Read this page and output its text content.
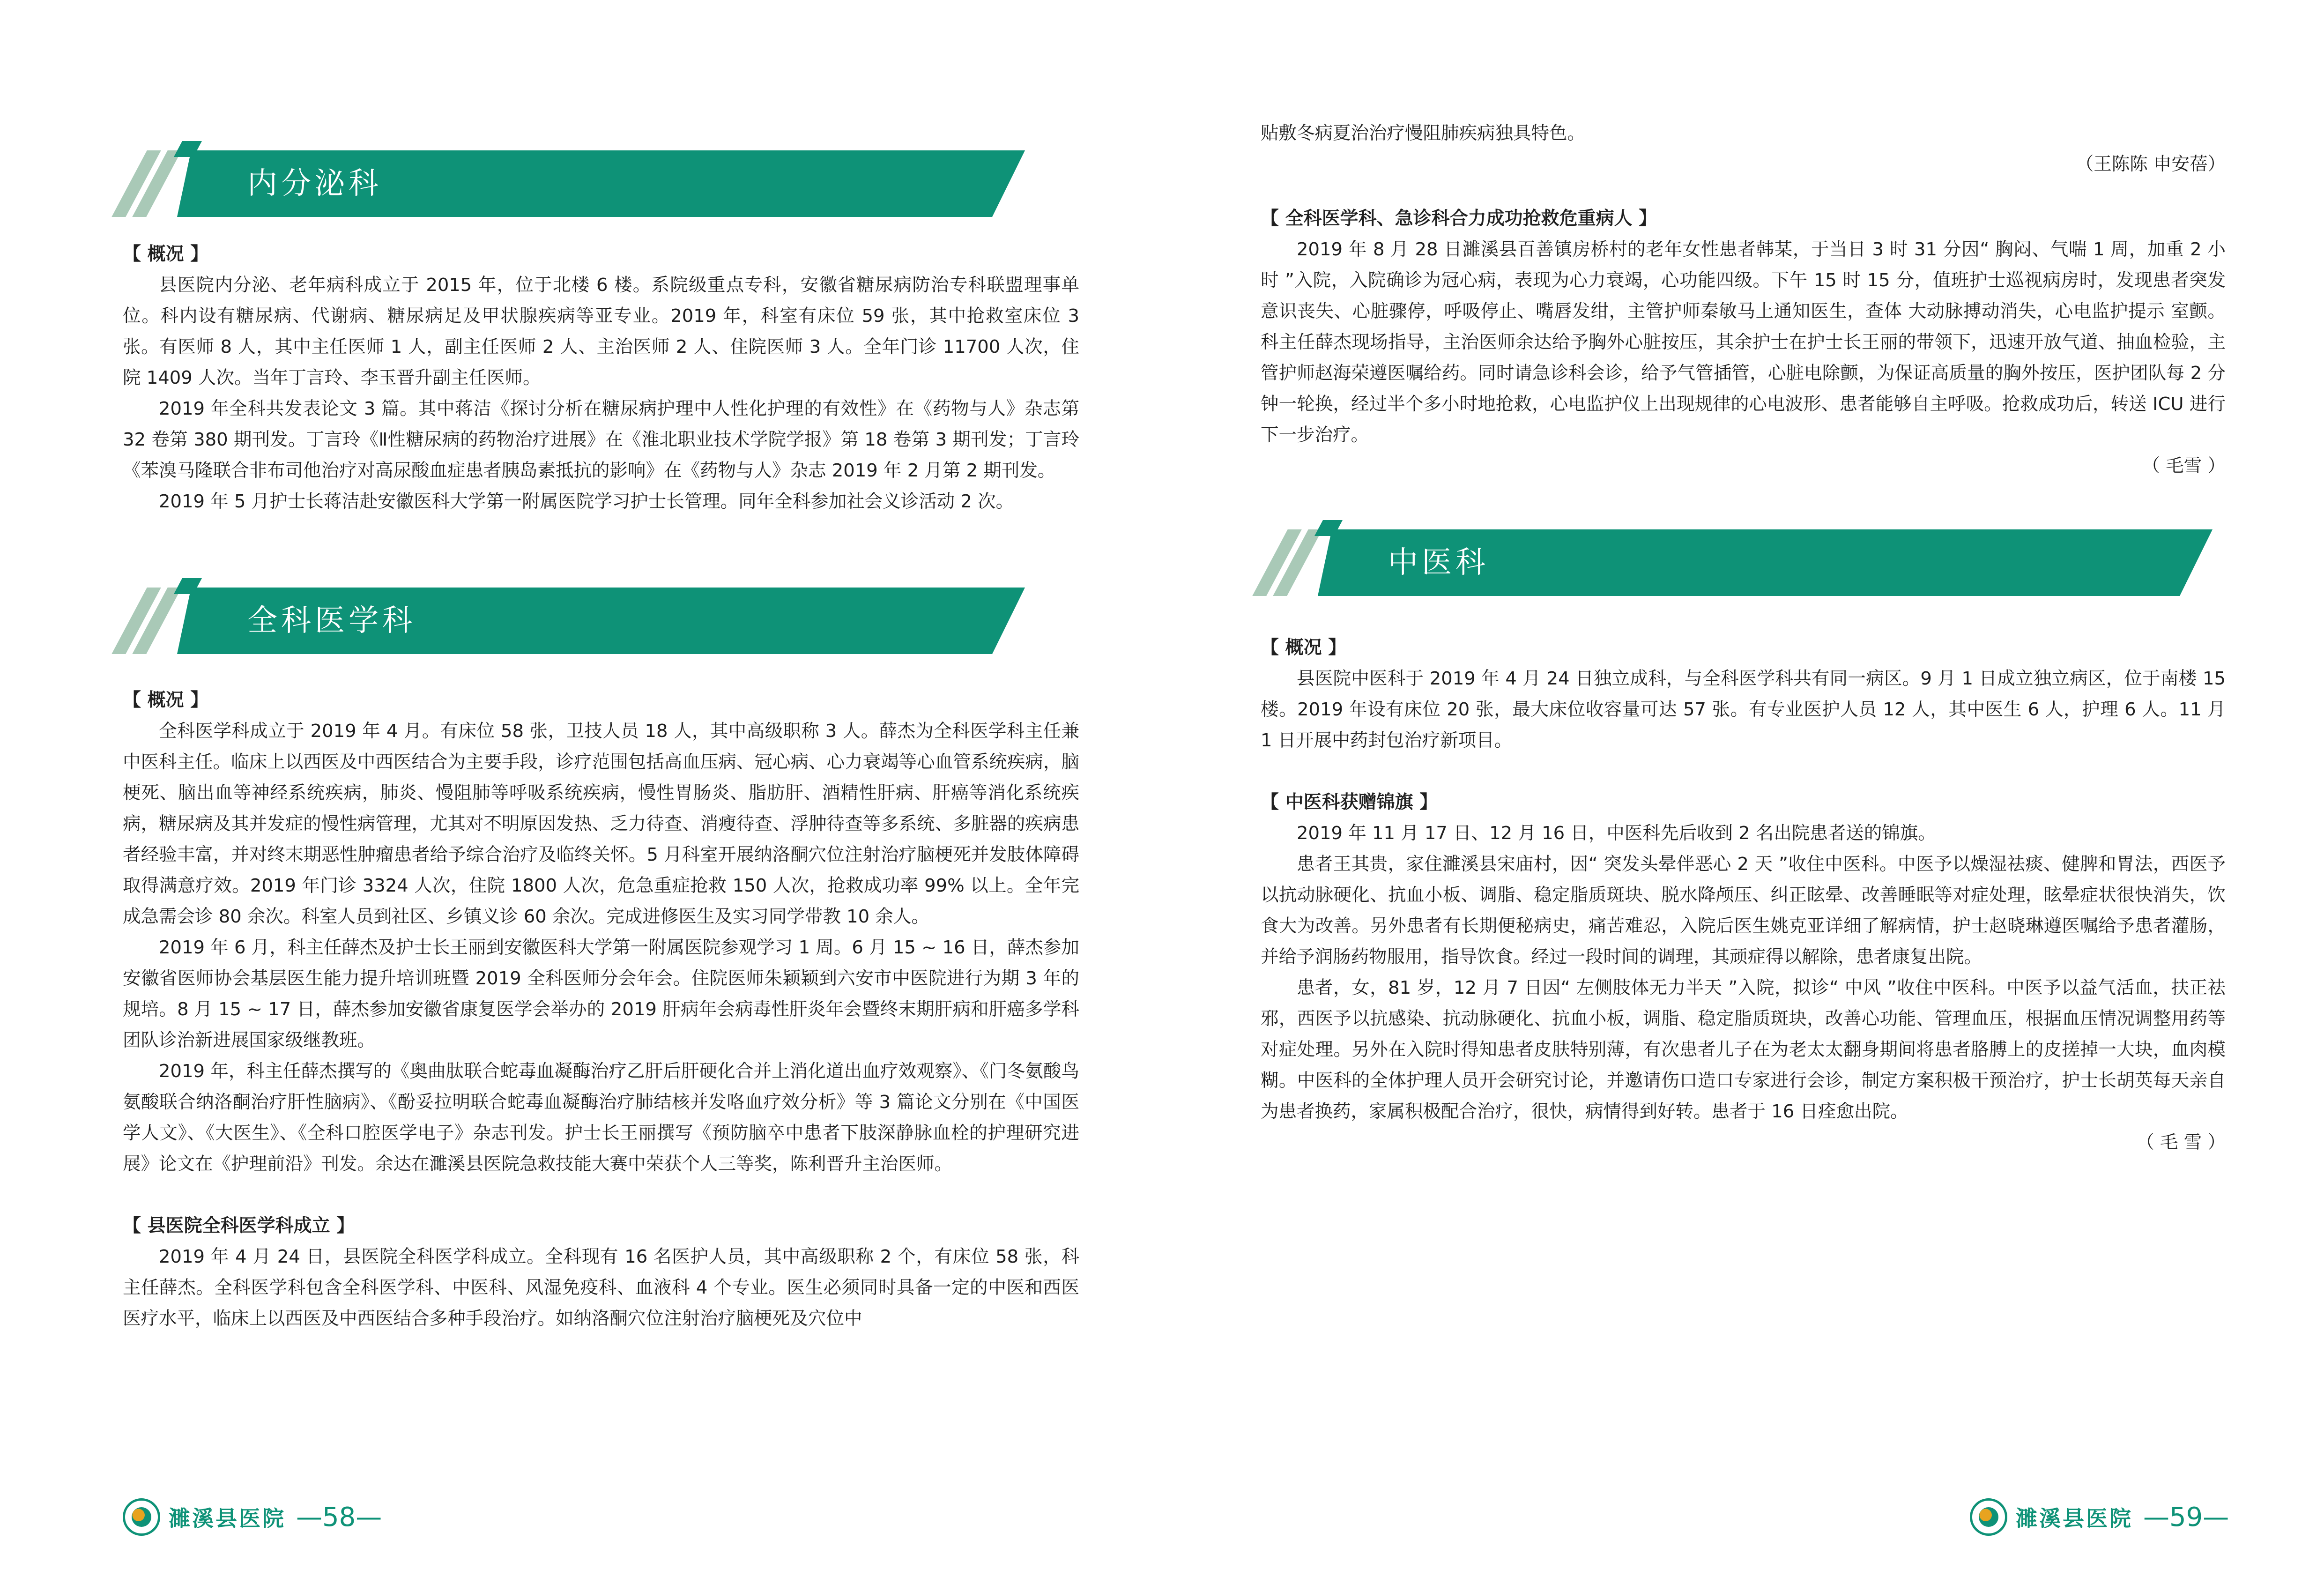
内分泌科

【 概况 】

县医院内分泌、老年病科成立于 2015 年，位于北楼 6 楼。系院级重点专科，安徽省糖尿病防治专科联盟理事单位。科内设有糖尿病、代谢病、糖尿病足及甲状腺疾病等亚专业。2019 年，科室有床位 59 张，其中抢救室床位 3 张。有医师 8 人，其中主任医师 1 人，副主任医师 2 人、主治医师 2 人、住院医师 3 人。全年门诊 11700 人次，住院 1409 人次。当年丁言玲、李玉晋升副主任医师。

2019 年全科共发表论文 3 篇。其中蒋洁《探讨分析在糖尿病护理中人性化护理的有效性》在《药物与人》杂志第 32 卷第 380 期刊发。丁言玲《Ⅱ性糖尿病的药物治疗进展》在《淮北职业技术学院学报》第 18 卷第 3 期刊发；丁言玲《苯溴马隆联合非布司他治疗对高尿酸血症患者胰岛素抵抗的影响》在《药物与人》杂志 2019 年 2 月第 2 期刊发。

2019 年 5 月护士长蒋洁赴安徽医科大学第一附属医院学习护士长管理。同年全科参加社会义诊活动 2 次。

全科医学科

【 概况 】

全科医学科成立于 2019 年 4 月。有床位 58 张，卫技人员 18 人，其中高级职称 3 人。薛杰为全科医学科主任兼中医科主任。临床上以西医及中西医结合为主要手段，诊疗范围包括高血压病、冠心病、心力衰竭等心血管系统疾病，脑梗死、脑出血等神经系统疾病，肺炎、慢阻肺等呼吸系统疾病，慢性胃肠炎、脂肪肝、酒精性肝病、肝癌等消化系统疾病，糖尿病及其并发症的慢性病管理，尤其对不明原因发热、乏力待查、消瘦待查、浮肿待查等多系统、多脏器的疾病患者经验丰富，并对终末期恶性肿瘤患者给予综合治疗及临终关怀。5 月科室开展纳洛酮穴位注射治疗脑梗死并发肢体障碍取得满意疗效。2019 年门诊 3324 人次，住院 1800 人次，危急重症抢救 150 人次，抢救成功率 99% 以上。全年完成急需会诊 80 余次。科室人员到社区、乡镇义诊 60 余次。完成进修医生及实习同学带教 10 余人。

2019 年 6 月，科主任薛杰及护士长王丽到安徽医科大学第一附属医院参观学习 1 周。6 月 15 ~ 16 日，薛杰参加安徽省医师协会基层医生能力提升培训班暨 2019 全科医师分会年会。住院医师朱颖颖到六安市中医院进行为期 3 年的规培。8 月 15 ~ 17 日，薛杰参加安徽省康复医学会举办的 2019 肝病年会病毒性肝炎年会暨终末期肝病和肝癌多学科团队诊治新进展国家级继教班。

2019 年，科主任薛杰撰写的《奥曲肽联合蛇毒血凝酶治疗乙肝后肝硬化合并上消化道出血疗效观察》、《门冬氨酸鸟氨酸联合纳洛酮治疗肝性脑病》、《酚妥拉明联合蛇毒血凝酶治疗肺结核并发咯血疗效分析》等 3 篇论文分别在《中国医学人文》、《大医生》、《全科口腔医学电子》杂志刊发。护士长王丽撰写《预防脑卒中患者下肢深静脉血栓的护理研究进展》论文在《护理前沿》刊发。余达在濉溪县医院急救技能大赛中荣获个人三等奖，陈利晋升主治医师。

【 县医院全科医学科成立 】

2019 年 4 月 24 日，县医院全科医学科成立。全科现有 16 名医护人员，其中高级职称 2 个，有床位 58 张，科主任薛杰。全科医学科包含全科医学科、中医科、风湿免疫科、血液科 4 个专业。医生必须同时具备一定的中医和西医医疗水平，临床上以西医及中西医结合多种手段治疗。如纳洛酮穴位注射治疗脑梗死及穴位中

濉溪县医院 —58—

贴敷冬病夏治治疗慢阻肺疾病独具特色。

（王陈陈 申安蓓）

【 全科医学科、急诊科合力成功抢救危重病人 】

2019 年 8 月 28 日濉溪县百善镇房桥村的老年女性患者韩某，于当日 3 时 31 分因“ 胸闷、气喘 1 周，加重 2 小时 ”入院，入院确诊为冠心病，表现为心力衰竭，心功能四级。下午 15 时 15 分，值班护士巡视病房时，发现患者突发意识丧失、心脏骤停，呼吸停止、嘴唇发绀，主管护师秦敏马上通知医生，查体 大动脉搏动消失，心电监护提示 室颤。科主任薛杰现场指导，主治医师余达给予胸外心脏按压，其余护士在护士长王丽的带领下，迅速开放气道、抽血检验，主管护师赵海荣遵医嘱给药。同时请急诊科会诊，给予气管插管，心脏电除颤，为保证高质量的胸外按压，医护团队每 2 分钟一轮换，经过半个多小时地抢救，心电监护仪上出现规律的心电波形、患者能够自主呼吸。抢救成功后，转送 ICU 进行下一步治疗。

（ 毛雪 ）

中医科

【 概况 】

县医院中医科于 2019 年 4 月 24 日独立成科，与全科医学科共有同一病区。9 月 1 日成立独立病区，位于南楼 15 楼。2019 年设有床位 20 张，最大床位收容量可达 57 张。有专业医护人员 12 人，其中医生 6 人，护理 6 人。11 月 1 日开展中药封包治疗新项目。

【 中医科获赠锦旗 】

2019 年 11 月 17 日、12 月 16 日，中医科先后收到 2 名出院患者送的锦旗。

患者王其贵，家住濉溪县宋庙村，因“ 突发头晕伴恶心 2 天 ”收住中医科。中医予以燥湿祛痰、健脾和胃法，西医予以抗动脉硬化、抗血小板、调脂、稳定脂质斑块、脱水降颅压、纠正眩晕、改善睡眠等对症处理，眩晕症状很快消失，饮食大为改善。另外患者有长期便秘病史，痛苦难忍，入院后医生姚克亚详细了解病情，护士赵晓琳遵医嘱给予患者灌肠，并给予润肠药物服用，指导饮食。经过一段时间的调理，其顽症得以解除，患者康复出院。

患者，女，81 岁，12 月 7 日因“ 左侧肢体无力半天 ”入院，拟诊“ 中风 ”收住中医科。中医予以益气活血，扶正祛邪，西医予以抗感染、抗动脉硬化、抗血小板，调脂、稳定脂质斑块，改善心功能、管理血压，根据血压情况调整用药等对症处理。另外在入院时得知患者皮肤特别薄，有次患者儿子在为老太太翻身期间将患者胳膊上的皮搓掉一大块，血肉模糊。中医科的全体护理人员开会研究讨论，并邀请伤口造口专家进行会诊，制定方案积极干预治疗，护士长胡英每天亲自为患者换药，家属积极配合治疗，很快，病情得到好转。患者于 16 日痊愈出院。

（ 毛 雪 ）

濉溪县医院 —59—
